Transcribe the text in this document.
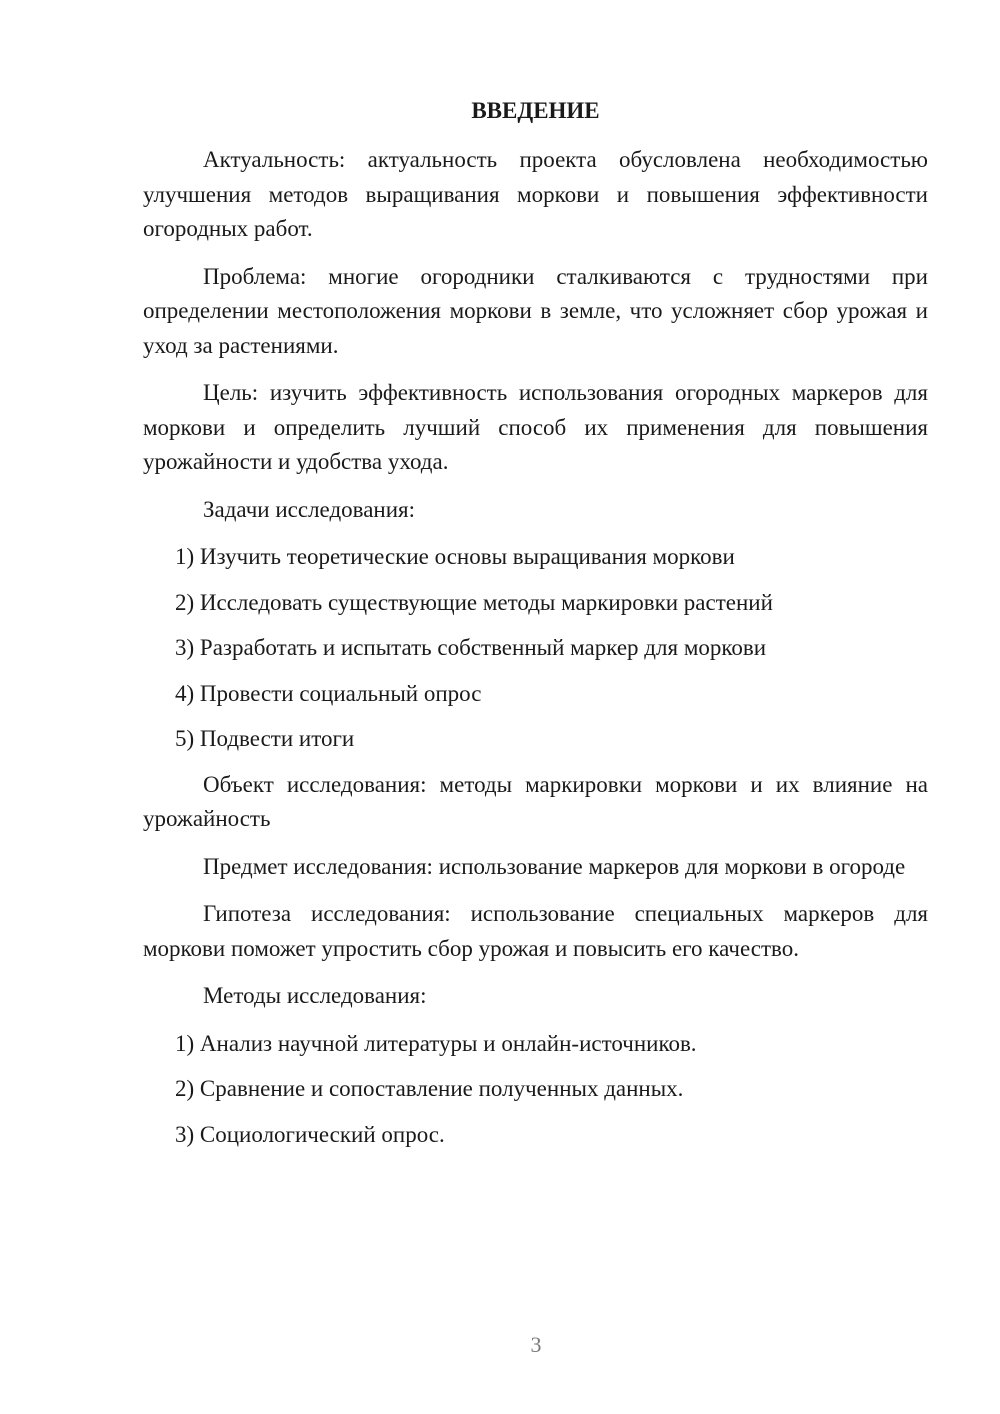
ВВЕДЕНИЕ

Актуальность: актуальность проекта обусловлена необходимостью улучшения методов выращивания моркови и повышения эффективности огородных работ.

Проблема: многие огородники сталкиваются с трудностями при определении местоположения моркови в земле, что усложняет сбор урожая и уход за растениями.

Цель: изучить эффективность использования огородных маркеров для моркови и определить лучший способ их применения для повышения урожайности и удобства ухода.

Задачи исследования:

1) Изучить теоретические основы выращивания моркови

2) Исследовать существующие методы маркировки растений

3) Разработать и испытать собственный маркер для моркови

4) Провести социальный опрос

5) Подвести итоги

Объект исследования: методы маркировки моркови и их влияние на урожайность

Предмет исследования: использование маркеров для моркови в огороде

Гипотеза исследования: использование специальных маркеров для моркови поможет упростить сбор урожая и повысить его качество.

Методы исследования:

1) Анализ научной литературы и онлайн-источников.

2) Сравнение и сопоставление полученных данных.

3) Социологический опрос.

3
